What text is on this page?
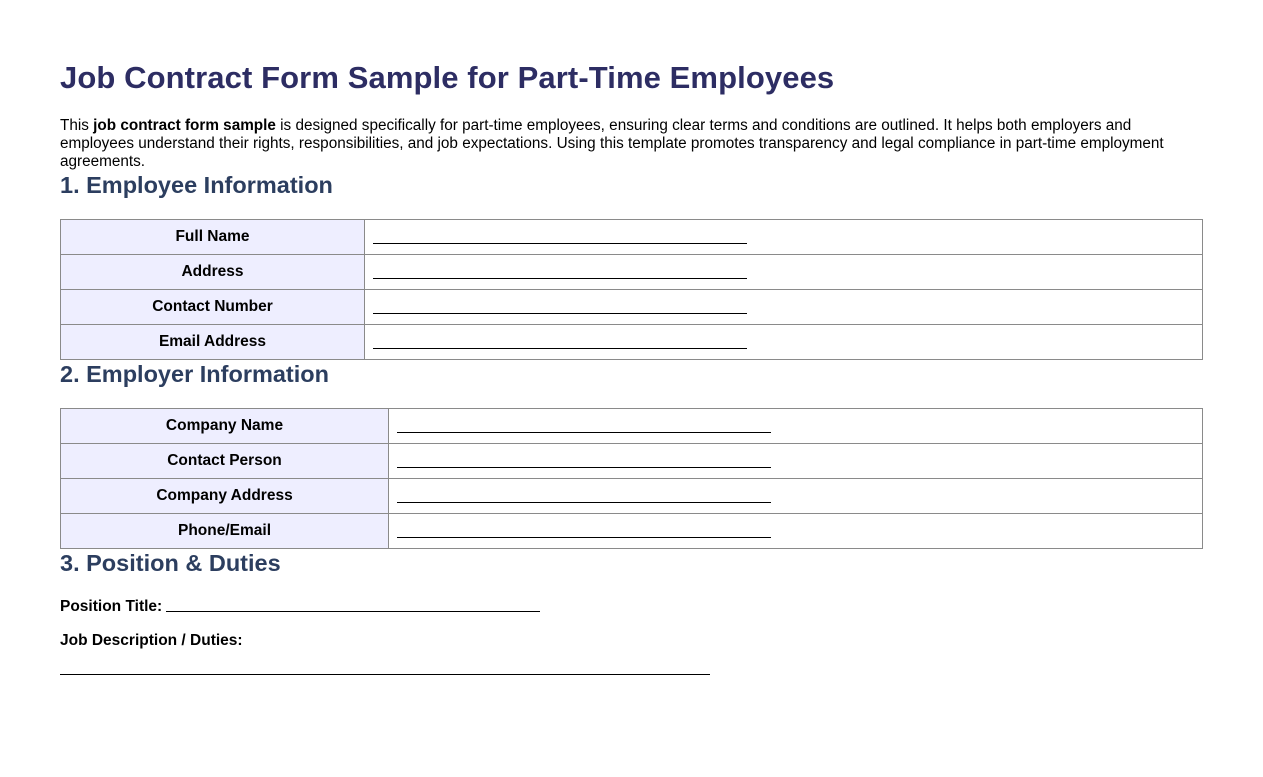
Job Contract Form Sample for Part-Time Employees
This job contract form sample is designed specifically for part-time employees, ensuring clear terms and conditions are outlined. It helps both employers and employees understand their rights, responsibilities, and job expectations. Using this template promotes transparency and legal compliance in part-time employment agreements.
1. Employee Information
Full Name	
Address	
Contact Number	
Email Address	
2. Employer Information
Company Name	
Contact Person	
Company Address	
Phone/Email	
3. Position & Duties
Position Title:
Job Description / Duties:
